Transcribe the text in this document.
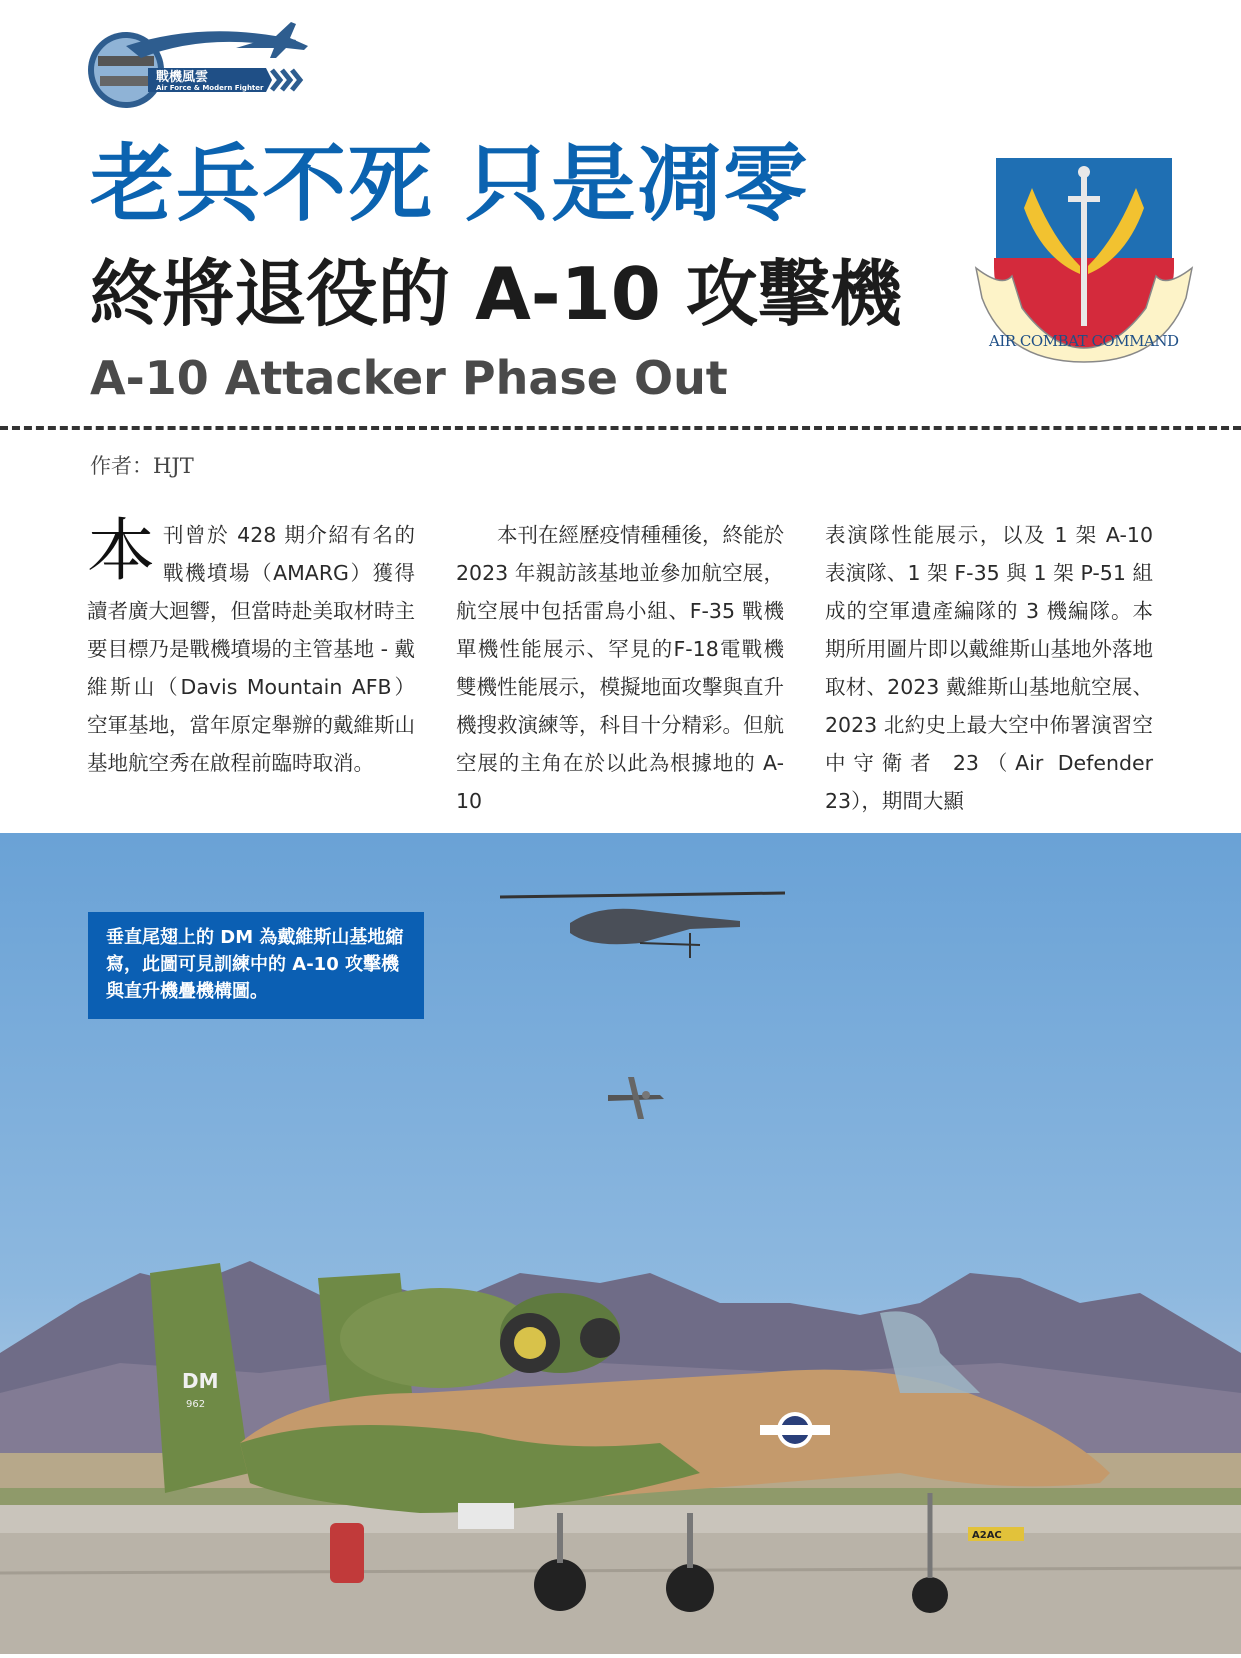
戰機風雲
Air Force & Modern Fighter
老兵不死 只是凋零
終將退役的 A-10 攻擊機
A-10 Attacker Phase Out
AIR COMBAT COMMAND
作者：HJT
本刊曾於 428 期介紹有名的戰機墳場（AMARG）獲得讀者廣大迴響，但當時赴美取材時主要目標乃是戰機墳場的主管基地 - 戴維斯山（Davis Mountain AFB）空軍基地，當年原定舉辦的戴維斯山基地航空秀在啟程前臨時取消。
　　本刊在經歷疫情種種後，終能於 2023 年親訪該基地並參加航空展，航空展中包括雷鳥小組、F-35 戰機單機性能展示、罕見的F-18電戰機雙機性能展示，模擬地面攻擊與直升機搜救演練等，科目十分精彩。但航空展的主角在於以此為根據地的 A-10
表演隊性能展示，以及 1 架 A-10 表演隊、1 架 F-35 與 1 架 P-51 組成的空軍遺產編隊的 3 機編隊。本期所用圖片即以戴維斯山基地外落地取材、2023 戴維斯山基地航空展、2023 北約史上最大空中佈署演習空中守衛者 23（Air Defender 23），期間大顯
DM
962
A2AC
垂直尾翅上的 DM 為戴維斯山基地縮寫，此圖可見訓練中的 A-10 攻擊機與直升機疊機構圖。
